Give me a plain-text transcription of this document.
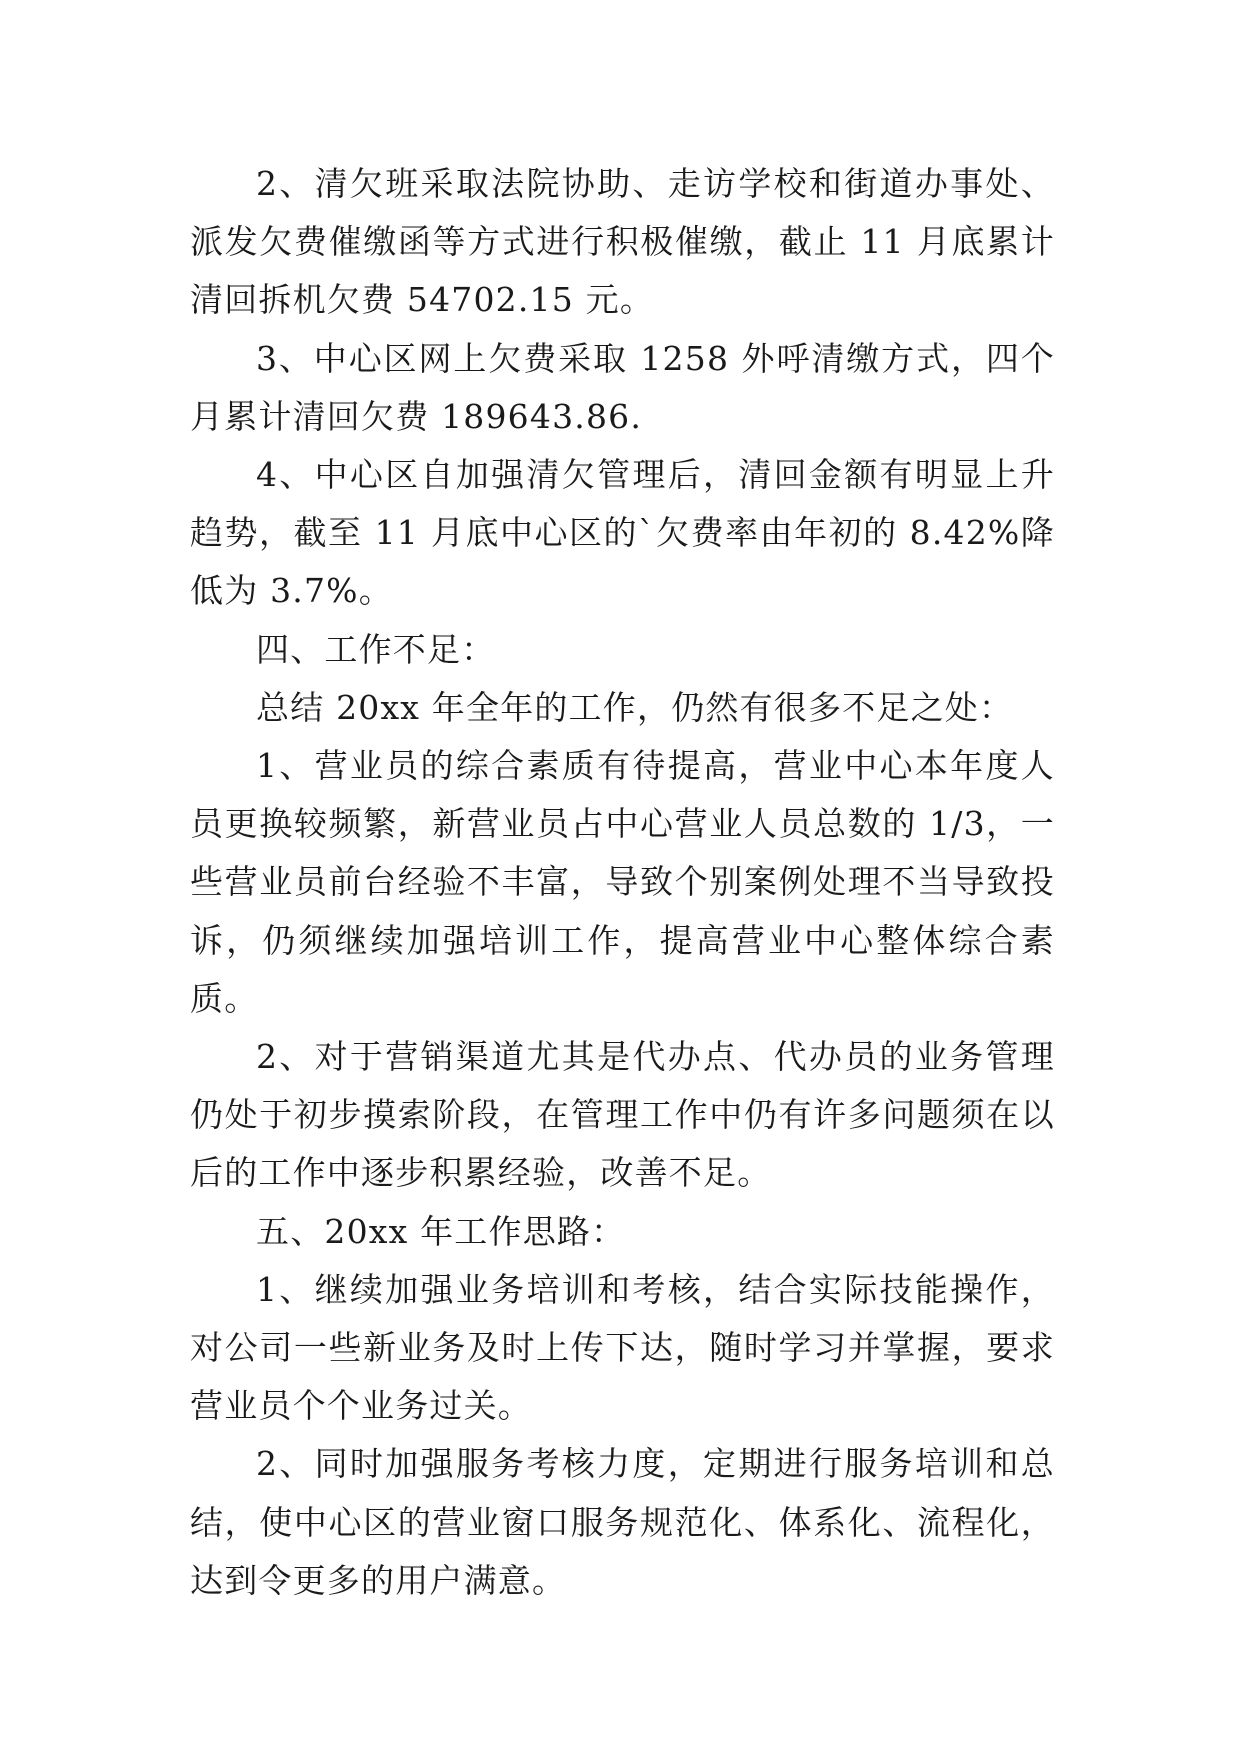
2、清欠班采取法院协助、走访学校和街道办事处、派发欠费催缴函等方式进行积极催缴，截止 11 月底累计清回拆机欠费 54702.15 元。

3、中心区网上欠费采取 1258 外呼清缴方式，四个月累计清回欠费 189643.86.

4、中心区自加强清欠管理后，清回金额有明显上升趋势，截至 11 月底中心区的`欠费率由年初的 8.42%降低为 3.7%。

四、工作不足：

总结 20xx 年全年的工作，仍然有很多不足之处：

1、营业员的综合素质有待提高，营业中心本年度人员更换较频繁，新营业员占中心营业人员总数的 1/3，一些营业员前台经验不丰富，导致个别案例处理不当导致投诉，仍须继续加强培训工作，提高营业中心整体综合素质。

2、对于营销渠道尤其是代办点、代办员的业务管理仍处于初步摸索阶段，在管理工作中仍有许多问题须在以后的工作中逐步积累经验，改善不足。

五、20xx 年工作思路：

1、继续加强业务培训和考核，结合实际技能操作，对公司一些新业务及时上传下达，随时学习并掌握，要求营业员个个业务过关。

2、同时加强服务考核力度，定期进行服务培训和总结，使中心区的营业窗口服务规范化、体系化、流程化，达到令更多的用户满意。
